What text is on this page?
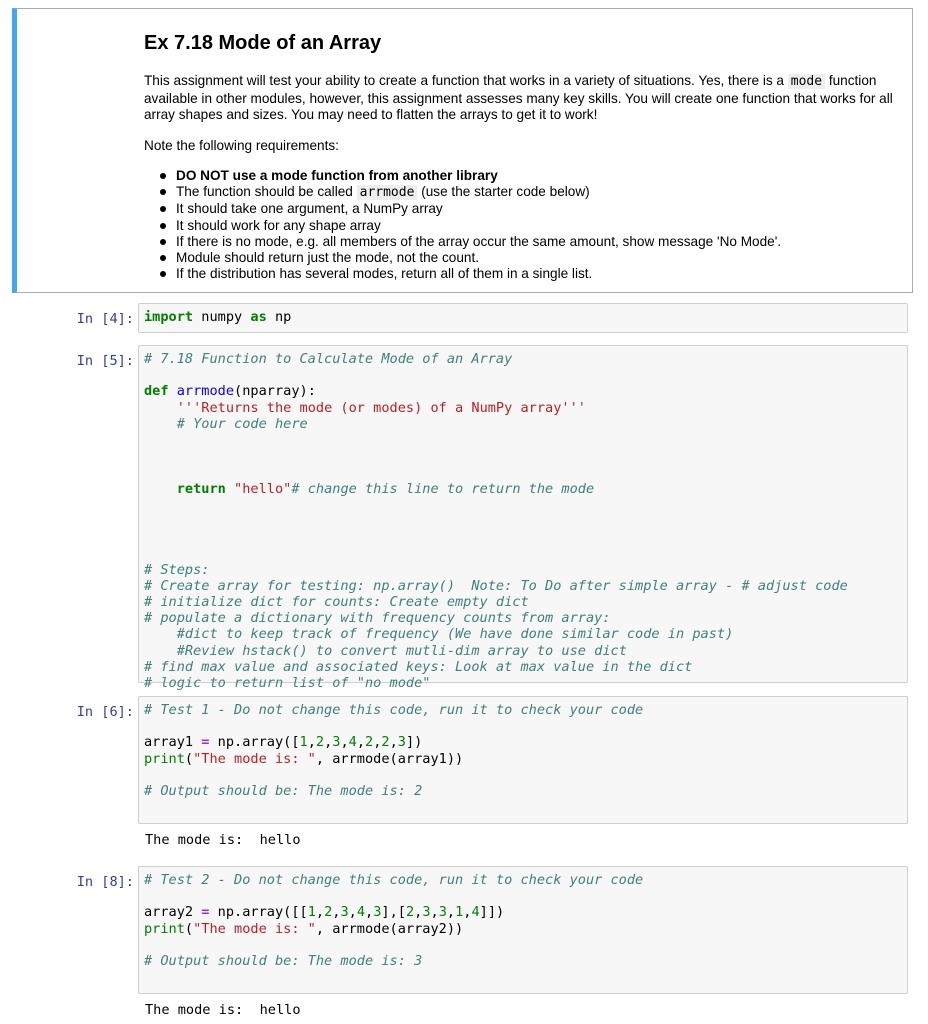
Ex 7.18 Mode of an Array

This assignment will test your ability to create a function that works in a variety of situations. Yes, there is a mode function available in other modules, however, this assignment assesses many key skills. You will create one function that works for all array shapes and sizes. You may need to flatten the arrays to get it to work!

Note the following requirements:

DO NOT use a mode function from another library
The function should be called arrmode (use the starter code below)
It should take one argument, a NumPy array
It should work for any shape array
If there is no mode, e.g. all members of the array occur the same amount, show message 'No Mode'.
Module should return just the mode, not the count.
If the distribution has several modes, return all of them in a single list.
In [4]: import numpy as np
In [5]: # 7.18 Function to Calculate Mode of an Array

def arrmode(nparray):
'''Returns the mode (or modes) of a NumPy array'''
# Your code here

return "hello"# change this line to return the mode

# Steps:
# Create array for testing: np.array()  Note: To Do after simple array - # adjust code
# initialize dict for counts: Create empty dict
# populate a dictionary with frequency counts from array:
#dict to keep track of frequency (We have done similar code in past)
#Review hstack() to convert mutli-dim array to use dict
# find max value and associated keys: Look at max value in the dict
# logic to return list of "no mode"
In [6]: # Test 1 - Do not change this code, run it to check your code

array1 = np.array([1,2,3,4,2,2,3])
print("The mode is: ", arrmode(array1))

# Output should be: The mode is: 2
The mode is:  hello
In [8]: # Test 2 - Do not change this code, run it to check your code

array2 = np.array([[1,2,3,4,3],[2,3,3,1,4]])
print("The mode is: ", arrmode(array2))

# Output should be: The mode is: 3
The mode is:  hello
